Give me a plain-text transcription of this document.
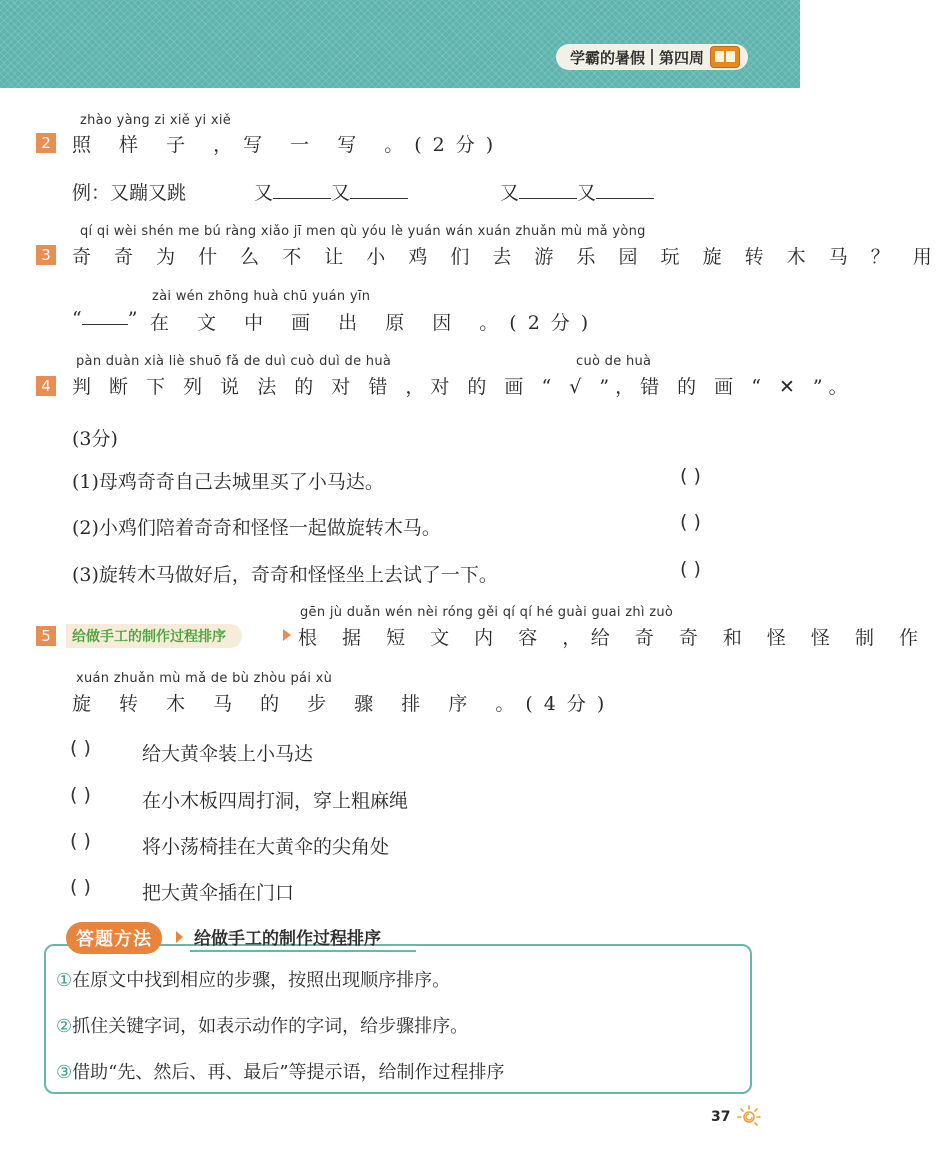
学霸的暑假 第四周
zhào yàng zi xiě yi xiě
2 照 样 子 ，写 一 写 。(2分)
例：又蹦又跳	又	又	又	又
qí qi wèi shén me bú ràng xiǎo jī men qù yóu lè yuán wán xuán zhuǎn mù mǎ yòng
3 奇 奇 为 什 么 不 让 小 鸡 们 去 游 乐 园 玩 旋 转 木 马 ？ 用
zài wén zhōng huà chū yuán yīn
“ ” 在 文 中 画 出 原 因 。(2分)
pàn duàn xià liè shuō fǎ de duì cuò duì de huà	cuò de huà
4 判 断 下 列 说 法 的 对 错 ，对 的 画 “ √ ”，错 的 画 “ ✕ ”。
(3分)
(1)母鸡奇奇自己去城里买了小马达。	( )
(2)小鸡们陪着奇奇和怪怪一起做旋转木马。	( )
(3)旋转木马做好后，奇奇和怪怪坐上去试了一下。	( )
5	给做手工的制作过程排序
gēn jù duǎn wén nèi róng gěi qí qí hé guài guai zhì zuò
根 据 短 文 内 容 ，给 奇 奇 和 怪 怪 制 作
xuán zhuǎn mù mǎ de bù zhòu pái xù
旋 转 木 马 的 步 骤 排 序 。(4分)
( )	给大黄伞装上小马达
( )	在小木板四周打洞，穿上粗麻绳
( )	将小荡椅挂在大黄伞的尖角处
( )	把大黄伞插在门口
答题方法	给做手工的制作过程排序
①在原文中找到相应的步骤，按照出现顺序排序。
②抓住关键字词，如表示动作的字词，给步骤排序。
③借助“先、然后、再、最后”等提示语，给制作过程排序
37
